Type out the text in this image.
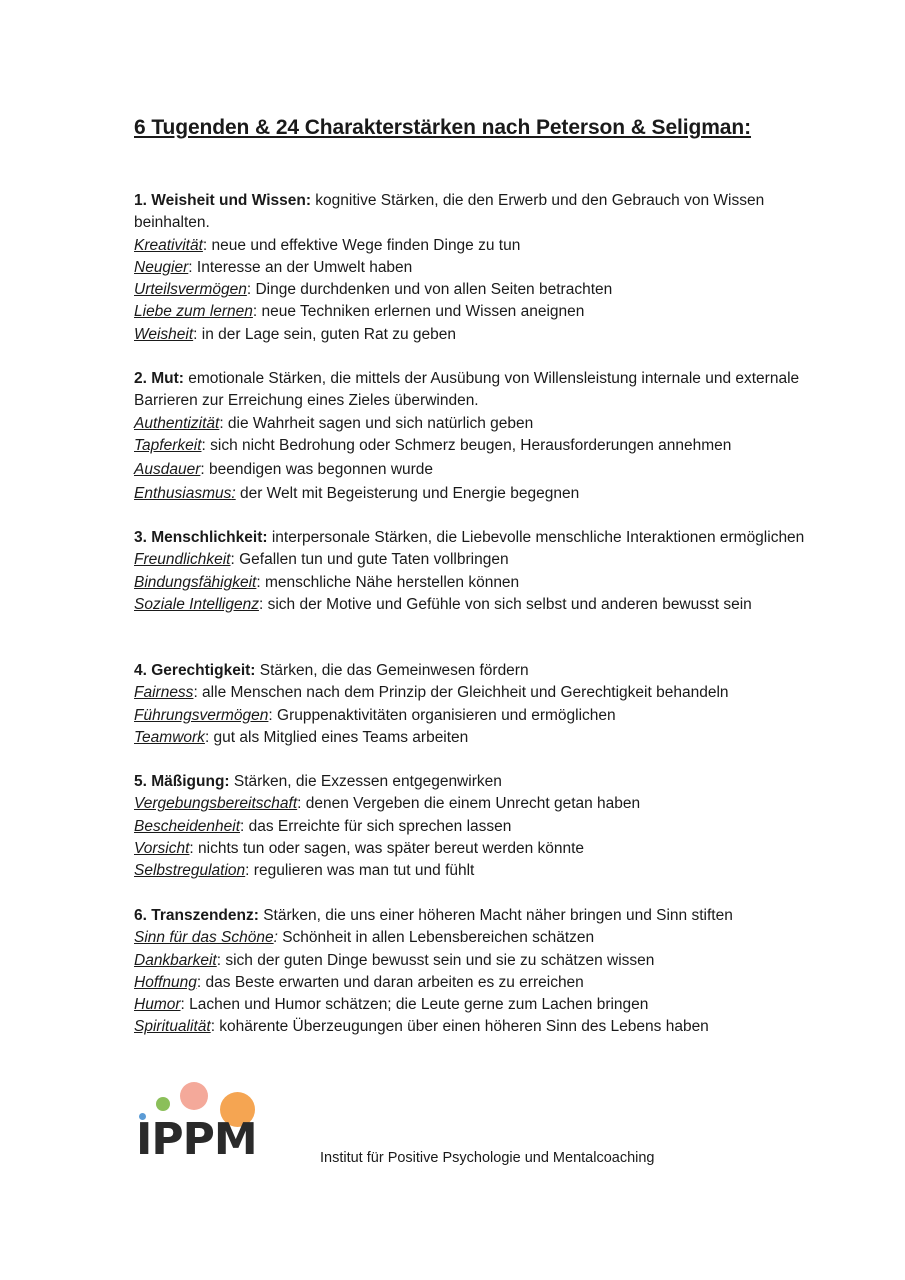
6 Tugenden & 24 Charakterstärken nach Peterson & Seligman:
1. Weisheit und Wissen: kognitive Stärken, die den Erwerb und den Gebrauch von Wissen beinhalten.
Kreativität: neue und effektive Wege finden Dinge zu tun
Neugier: Interesse an der Umwelt haben
Urteilsvermögen: Dinge durchdenken und von allen Seiten betrachten
Liebe zum lernen: neue Techniken erlernen und Wissen aneignen
Weisheit: in der Lage sein, guten Rat zu geben
2. Mut: emotionale Stärken, die mittels der Ausübung von Willensleistung internale und externale Barrieren zur Erreichung eines Zieles überwinden.
Authentizität: die Wahrheit sagen und sich natürlich geben
Tapferkeit: sich nicht Bedrohung oder Schmerz beugen, Herausforderungen annehmen
Ausdauer: beendigen was begonnen wurde
Enthusiasmus: der Welt mit Begeisterung und Energie begegnen
3. Menschlichkeit: interpersonale Stärken, die Liebevolle menschliche Interaktionen ermöglichen
Freundlichkeit: Gefallen tun und gute Taten vollbringen
Bindungsfähigkeit: menschliche Nähe herstellen können
Soziale Intelligenz: sich der Motive und Gefühle von sich selbst und anderen bewusst sein
4. Gerechtigkeit: Stärken, die das Gemeinwesen fördern
Fairness: alle Menschen nach dem Prinzip der Gleichheit und Gerechtigkeit behandeln
Führungsvermögen: Gruppenaktivitäten organisieren und ermöglichen
Teamwork: gut als Mitglied eines Teams arbeiten
5. Mäßigung: Stärken, die Exzessen entgegenwirken
Vergebungsbereitschaft: denen Vergeben die einem Unrecht getan haben
Bescheidenheit: das Erreichte für sich sprechen lassen
Vorsicht: nichts tun oder sagen, was später bereut werden könnte
Selbstregulation: regulieren was man tut und fühlt
6. Transzendenz: Stärken, die uns einer höheren Macht näher bringen und Sinn stiften
Sinn für das Schöne: Schönheit in allen Lebensbereichen schätzen
Dankbarkeit: sich der guten Dinge bewusst sein und sie zu schätzen wissen
Hoffnung: das Beste erwarten und daran arbeiten es zu erreichen
Humor: Lachen und Humor schätzen; die Leute gerne zum Lachen bringen
Spiritualität: kohärente Überzeugungen über einen höheren Sinn des Lebens haben
IPPM	Institut für Positive Psychologie und Mentalcoaching
